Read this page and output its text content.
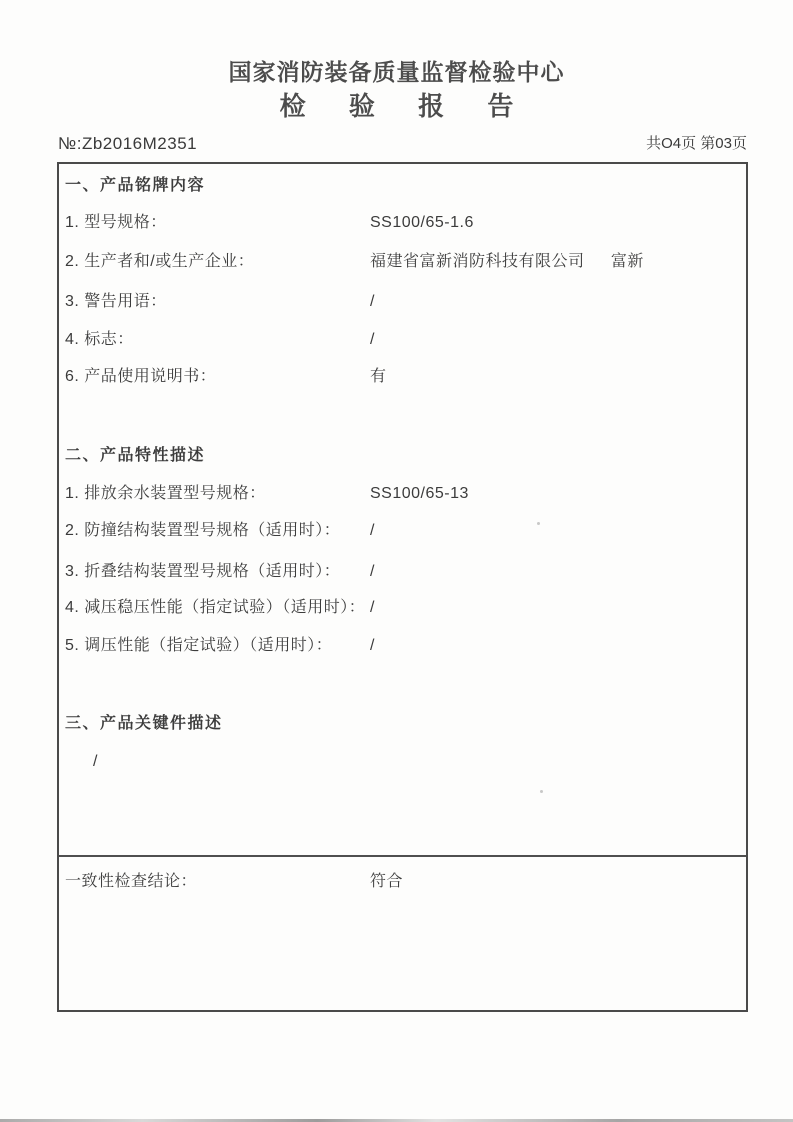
国家消防装备质量监督检验中心
检 验 报 告
№:Zb2016M2351	共O4页 第03页
一、产品铭牌内容
1. 型号规格：	SS100/65-1.6
2. 生产者和/或生产企业：	福建省富新消防科技有限公司　  富新
3. 警告用语：	/
4. 标志：	/
6. 产品使用说明书：	有
二、产品特性描述
1. 排放余水装置型号规格：	SS100/65-13
2. 防撞结构装置型号规格（适用时）： /
3. 折叠结构装置型号规格（适用时）： /
4. 减压稳压性能（指定试验）（适用时）： /
5. 调压性能（指定试验）（适用时）： /
三、产品关键件描述
/
一致性检查结论：	符合
